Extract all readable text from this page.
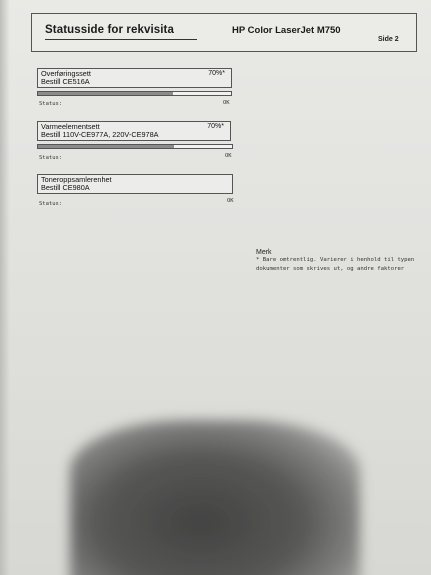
Statusside for rekvisita	HP Color LaserJet M750
Side 2
Overføringssett
Bestill CE516A
70%*
Status:	OK
Varmeelementsett
Bestill 110V-CE977A, 220V-CE978A
70%*
Status:	OK
Toneroppsamlerenhet
Bestill CE980A
Status:	OK
Merk
* Bare omtrentlig. Varierer i henhold til typen
dokumenter som skrives ut, og andre faktorer
